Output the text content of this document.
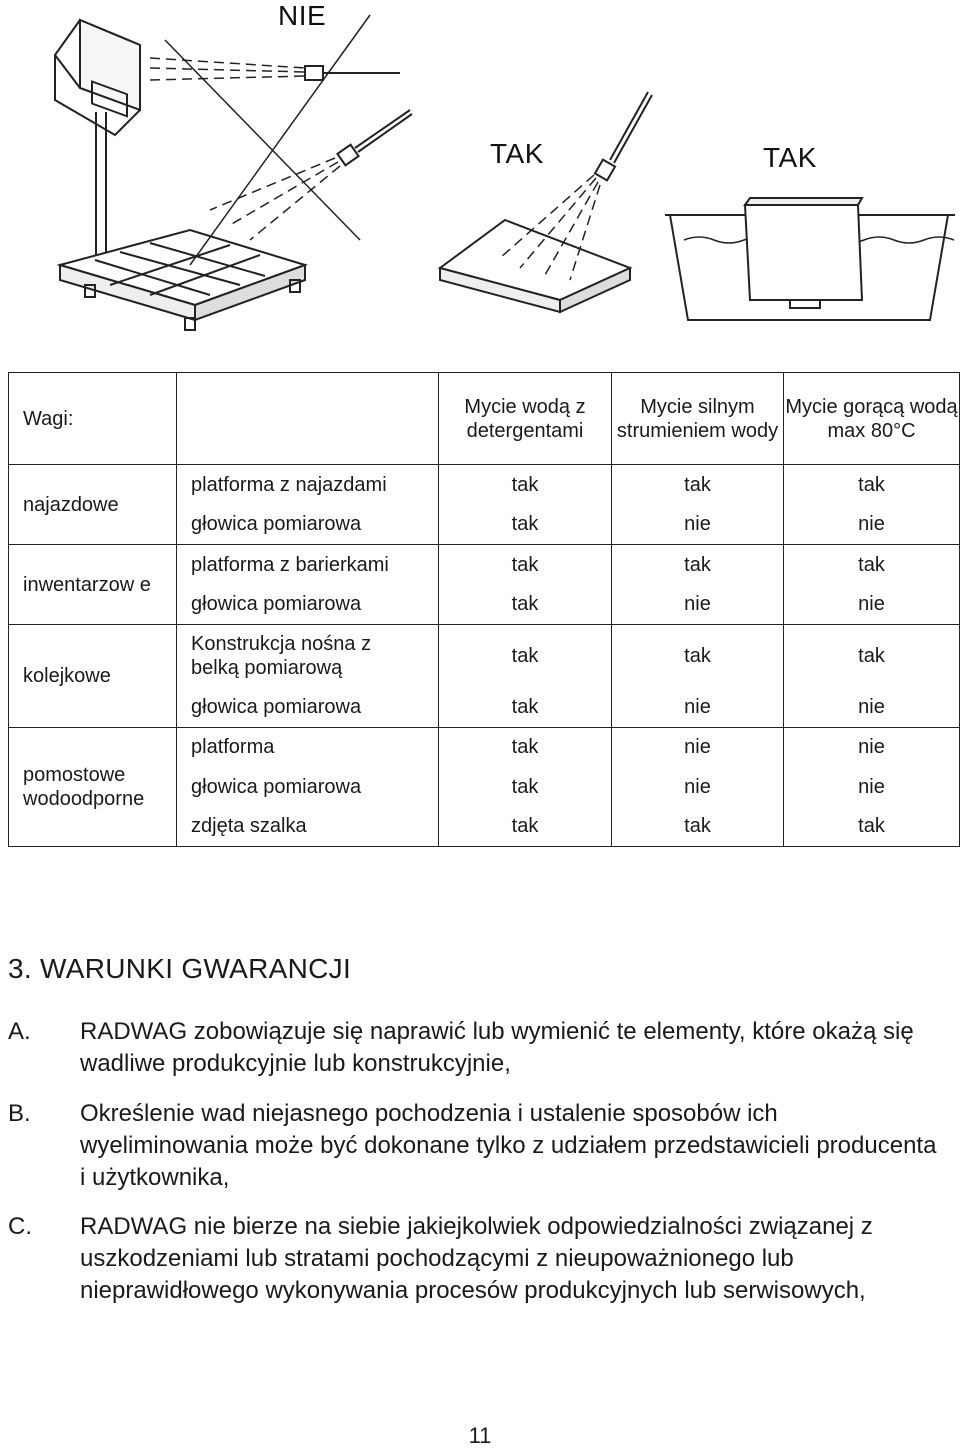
NIE
TAK	TAK
Wagi:		Mycie wodą z detergentami	Mycie silnym strumieniem wody	Mycie gorącą wodą max 80°C
najazdowe	platforma z najazdami	tak	tak	tak
	głowica pomiarowa	tak	nie	nie
inwentarzow e	platforma z barierkami	tak	tak	tak
	głowica pomiarowa	tak	nie	nie
kolejkowe	Konstrukcja nośna z belką pomiarową	tak	tak	tak
	głowica pomiarowa	tak	nie	nie
pomostowe wodoodporne	platforma	tak	nie	nie
	głowica pomiarowa	tak	nie	nie
	zdjęta szalka	tak	tak	tak
3. WARUNKI GWARANCJI
A. RADWAG zobowiązuje się naprawić lub wymienić te elementy, które okażą się wadliwe produkcyjnie lub konstrukcyjnie,
B. Określenie wad niejasnego pochodzenia i ustalenie sposobów ich wyeliminowania może być dokonane tylko z udziałem przedstawicieli producenta i użytkownika,
C. RADWAG nie bierze na siebie jakiejkolwiek odpowiedzialności związanej z uszkodzeniami lub stratami pochodzącymi z nieupoważnionego lub nieprawidłowego wykonywania procesów produkcyjnych lub serwisowych,
11
